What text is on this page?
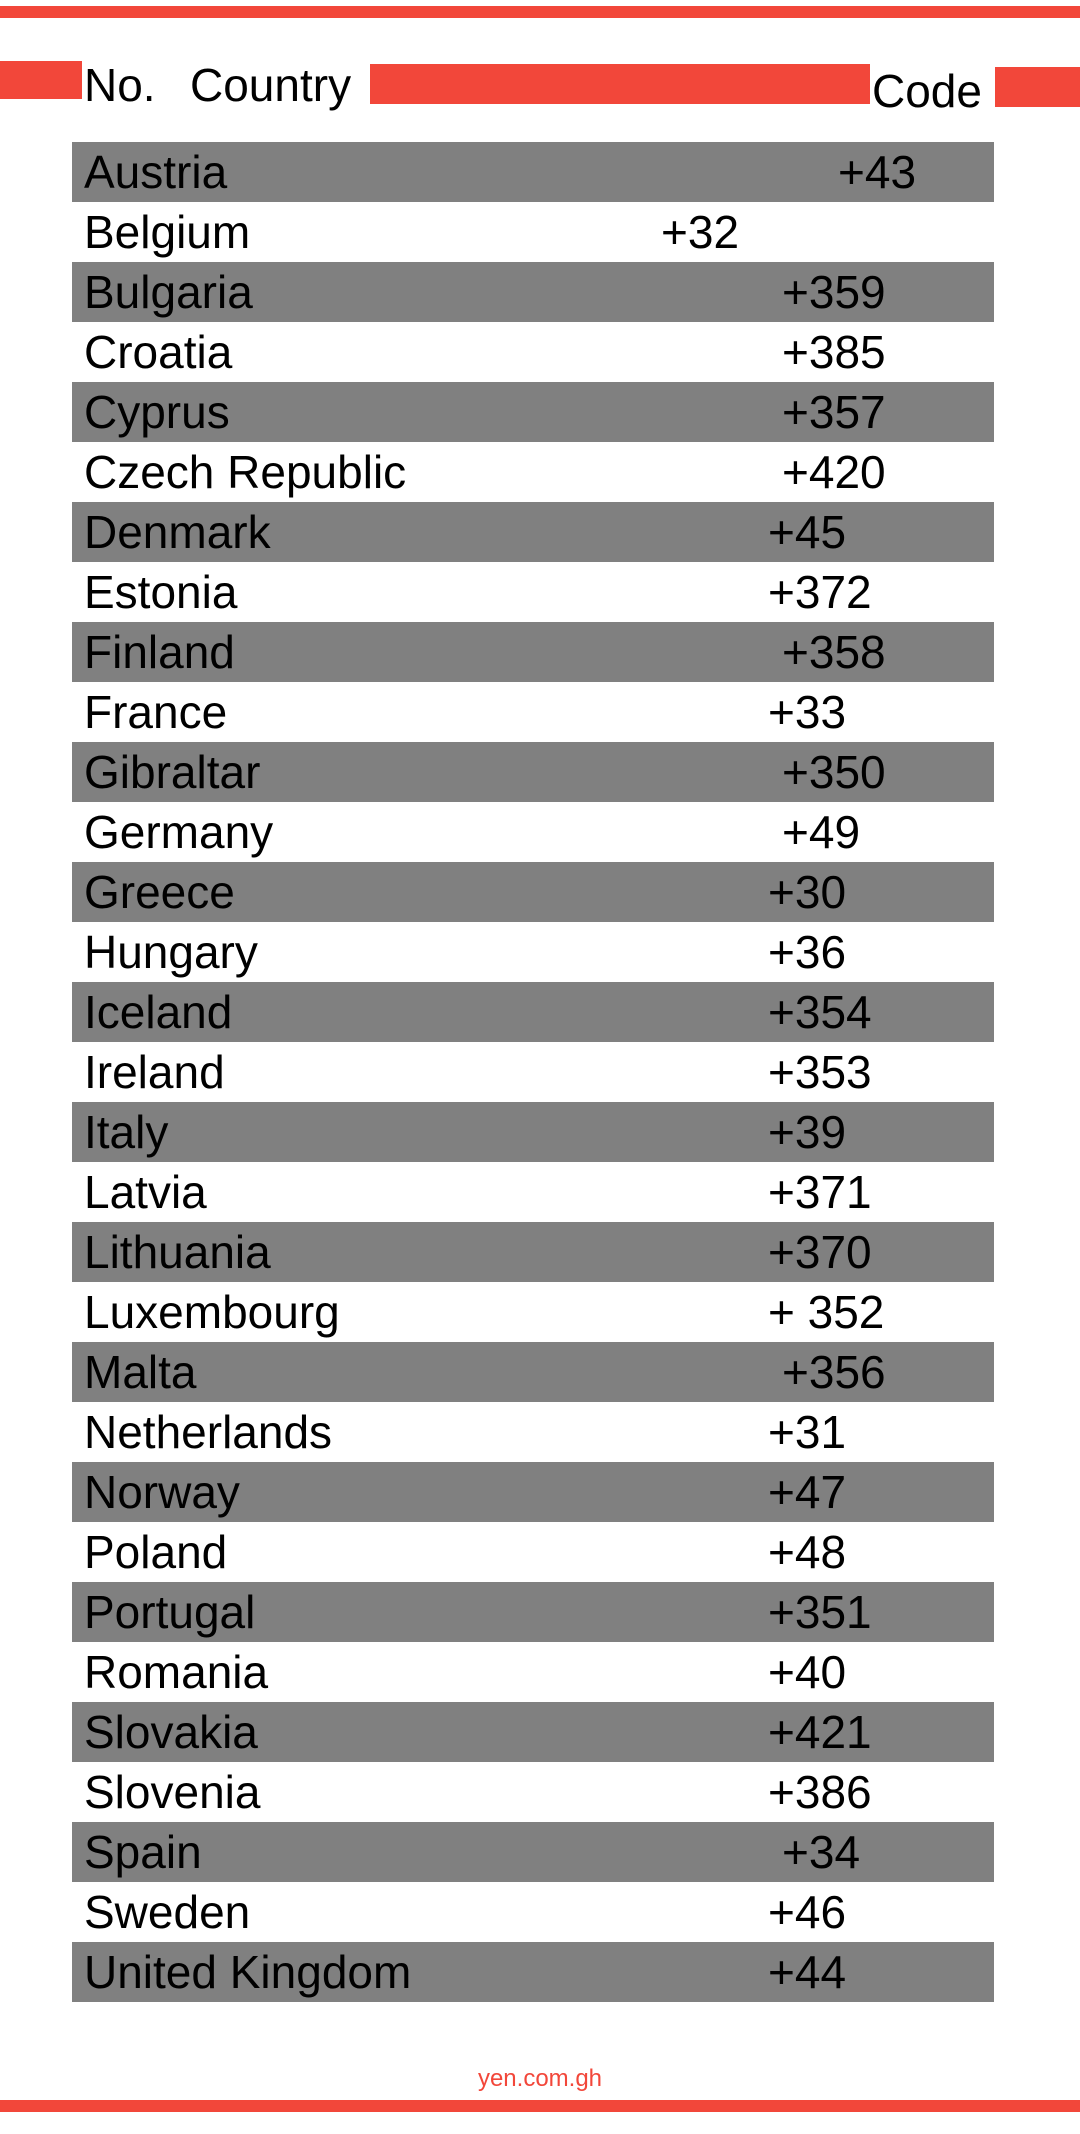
No. Country	Code
Austria	+43
Belgium	+32
Bulgaria	+359
Croatia	+385
Cyprus	+357
Czech Republic	+420
Denmark	+45
Estonia	+372
Finland	+358
France	+33
Gibraltar	+350
Germany	+49
Greece	+30
Hungary	+36
Iceland	+354
Ireland	+353
Italy	+39
Latvia	+371
Lithuania	+370
Luxembourg	+ 352
Malta	+356
Netherlands	+31
Norway	+47
Poland	+48
Portugal	+351
Romania	+40
Slovakia	+421
Slovenia	+386
Spain	+34
Sweden	+46
United Kingdom	+44
yen.com.gh
